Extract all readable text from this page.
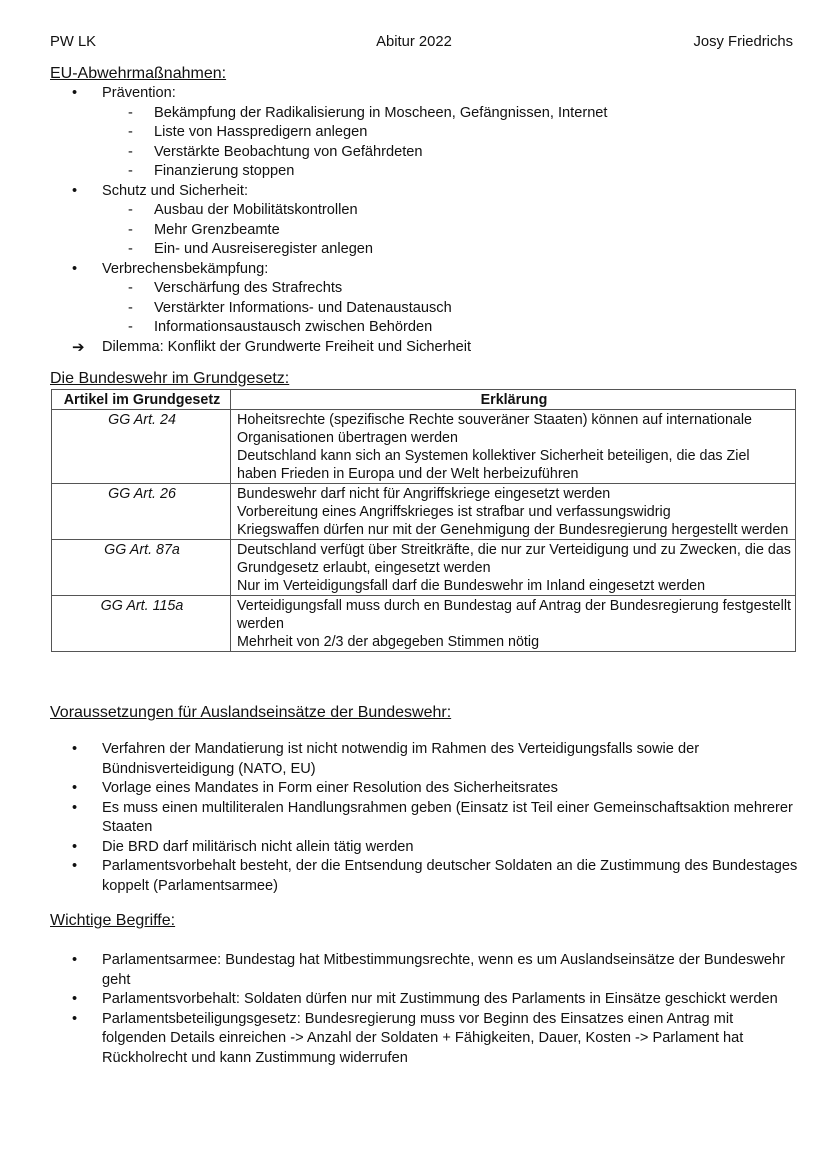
PW LK	Abitur 2022	Josy Friedrichs
EU-Abwehrmaßnahmen:
• Prävention:
- Bekämpfung der Radikalisierung in Moscheen, Gefängnissen, Internet
- Liste von Hasspredigern anlegen
- Verstärkte Beobachtung von Gefährdeten
- Finanzierung stoppen
• Schutz und Sicherheit:
- Ausbau der Mobilitätskontrollen
- Mehr Grenzbeamte
- Ein- und Ausreiseregister anlegen
• Verbrechensbekämpfung:
- Verschärfung des Strafrechts
- Verstärkter Informations- und Datenaustausch
- Informationsaustausch zwischen Behörden
➔ Dilemma: Konflikt der Grundwerte Freiheit und Sicherheit
Die Bundeswehr im Grundgesetz:
Artikel im Grundgesetz	Erklärung
GG Art. 24	Hoheitsrechte (spezifische Rechte souveräner Staaten) können auf internationale Organisationen übertragen werden
Deutschland kann sich an Systemen kollektiver Sicherheit beteiligen, die das Ziel haben Frieden in Europa und der Welt herbeizuführen

GG Art. 26	Bundeswehr darf nicht für Angriffskriege eingesetzt werden
Vorbereitung eines Angriffskrieges ist strafbar und verfassungswidrig
Kriegswaffen dürfen nur mit der Genehmigung der Bundesregierung hergestellt werden

GG Art. 87a	Deutschland verfügt über Streitkräfte, die nur zur Verteidigung und zu Zwecken, die das Grundgesetz erlaubt, eingesetzt werden
Nur im Verteidigungsfall darf die Bundeswehr im Inland eingesetzt werden

GG Art. 115a	Verteidigungsfall muss durch en Bundestag auf Antrag der Bundesregierung festgestellt werden
Mehrheit von 2/3 der abgegeben Stimmen nötig
Voraussetzungen für Auslandseinsätze der Bundeswehr:
• Verfahren der Mandatierung ist nicht notwendig im Rahmen des Verteidigungsfalls sowie der Bündnisverteidigung (NATO, EU)
• Vorlage eines Mandates in Form einer Resolution des Sicherheitsrates
• Es muss einen multiliteralen Handlungsrahmen geben (Einsatz ist Teil einer Gemeinschaftsaktion mehrerer Staaten
• Die BRD darf militärisch nicht allein tätig werden
• Parlamentsvorbehalt besteht, der die Entsendung deutscher Soldaten an die Zustimmung des Bundestages koppelt (Parlamentsarmee)
Wichtige Begriffe:
• Parlamentsarmee: Bundestag hat Mitbestimmungsrechte, wenn es um Auslandseinsätze der Bundeswehr geht
• Parlamentsvorbehalt: Soldaten dürfen nur mit Zustimmung des Parlaments in Einsätze geschickt werden
• Parlamentsbeteiligungsgesetz: Bundesregierung muss vor Beginn des Einsatzes einen Antrag mit folgenden Details einreichen -> Anzahl der Soldaten + Fähigkeiten, Dauer, Kosten -> Parlament hat Rückholrecht und kann Zustimmung widerrufen
